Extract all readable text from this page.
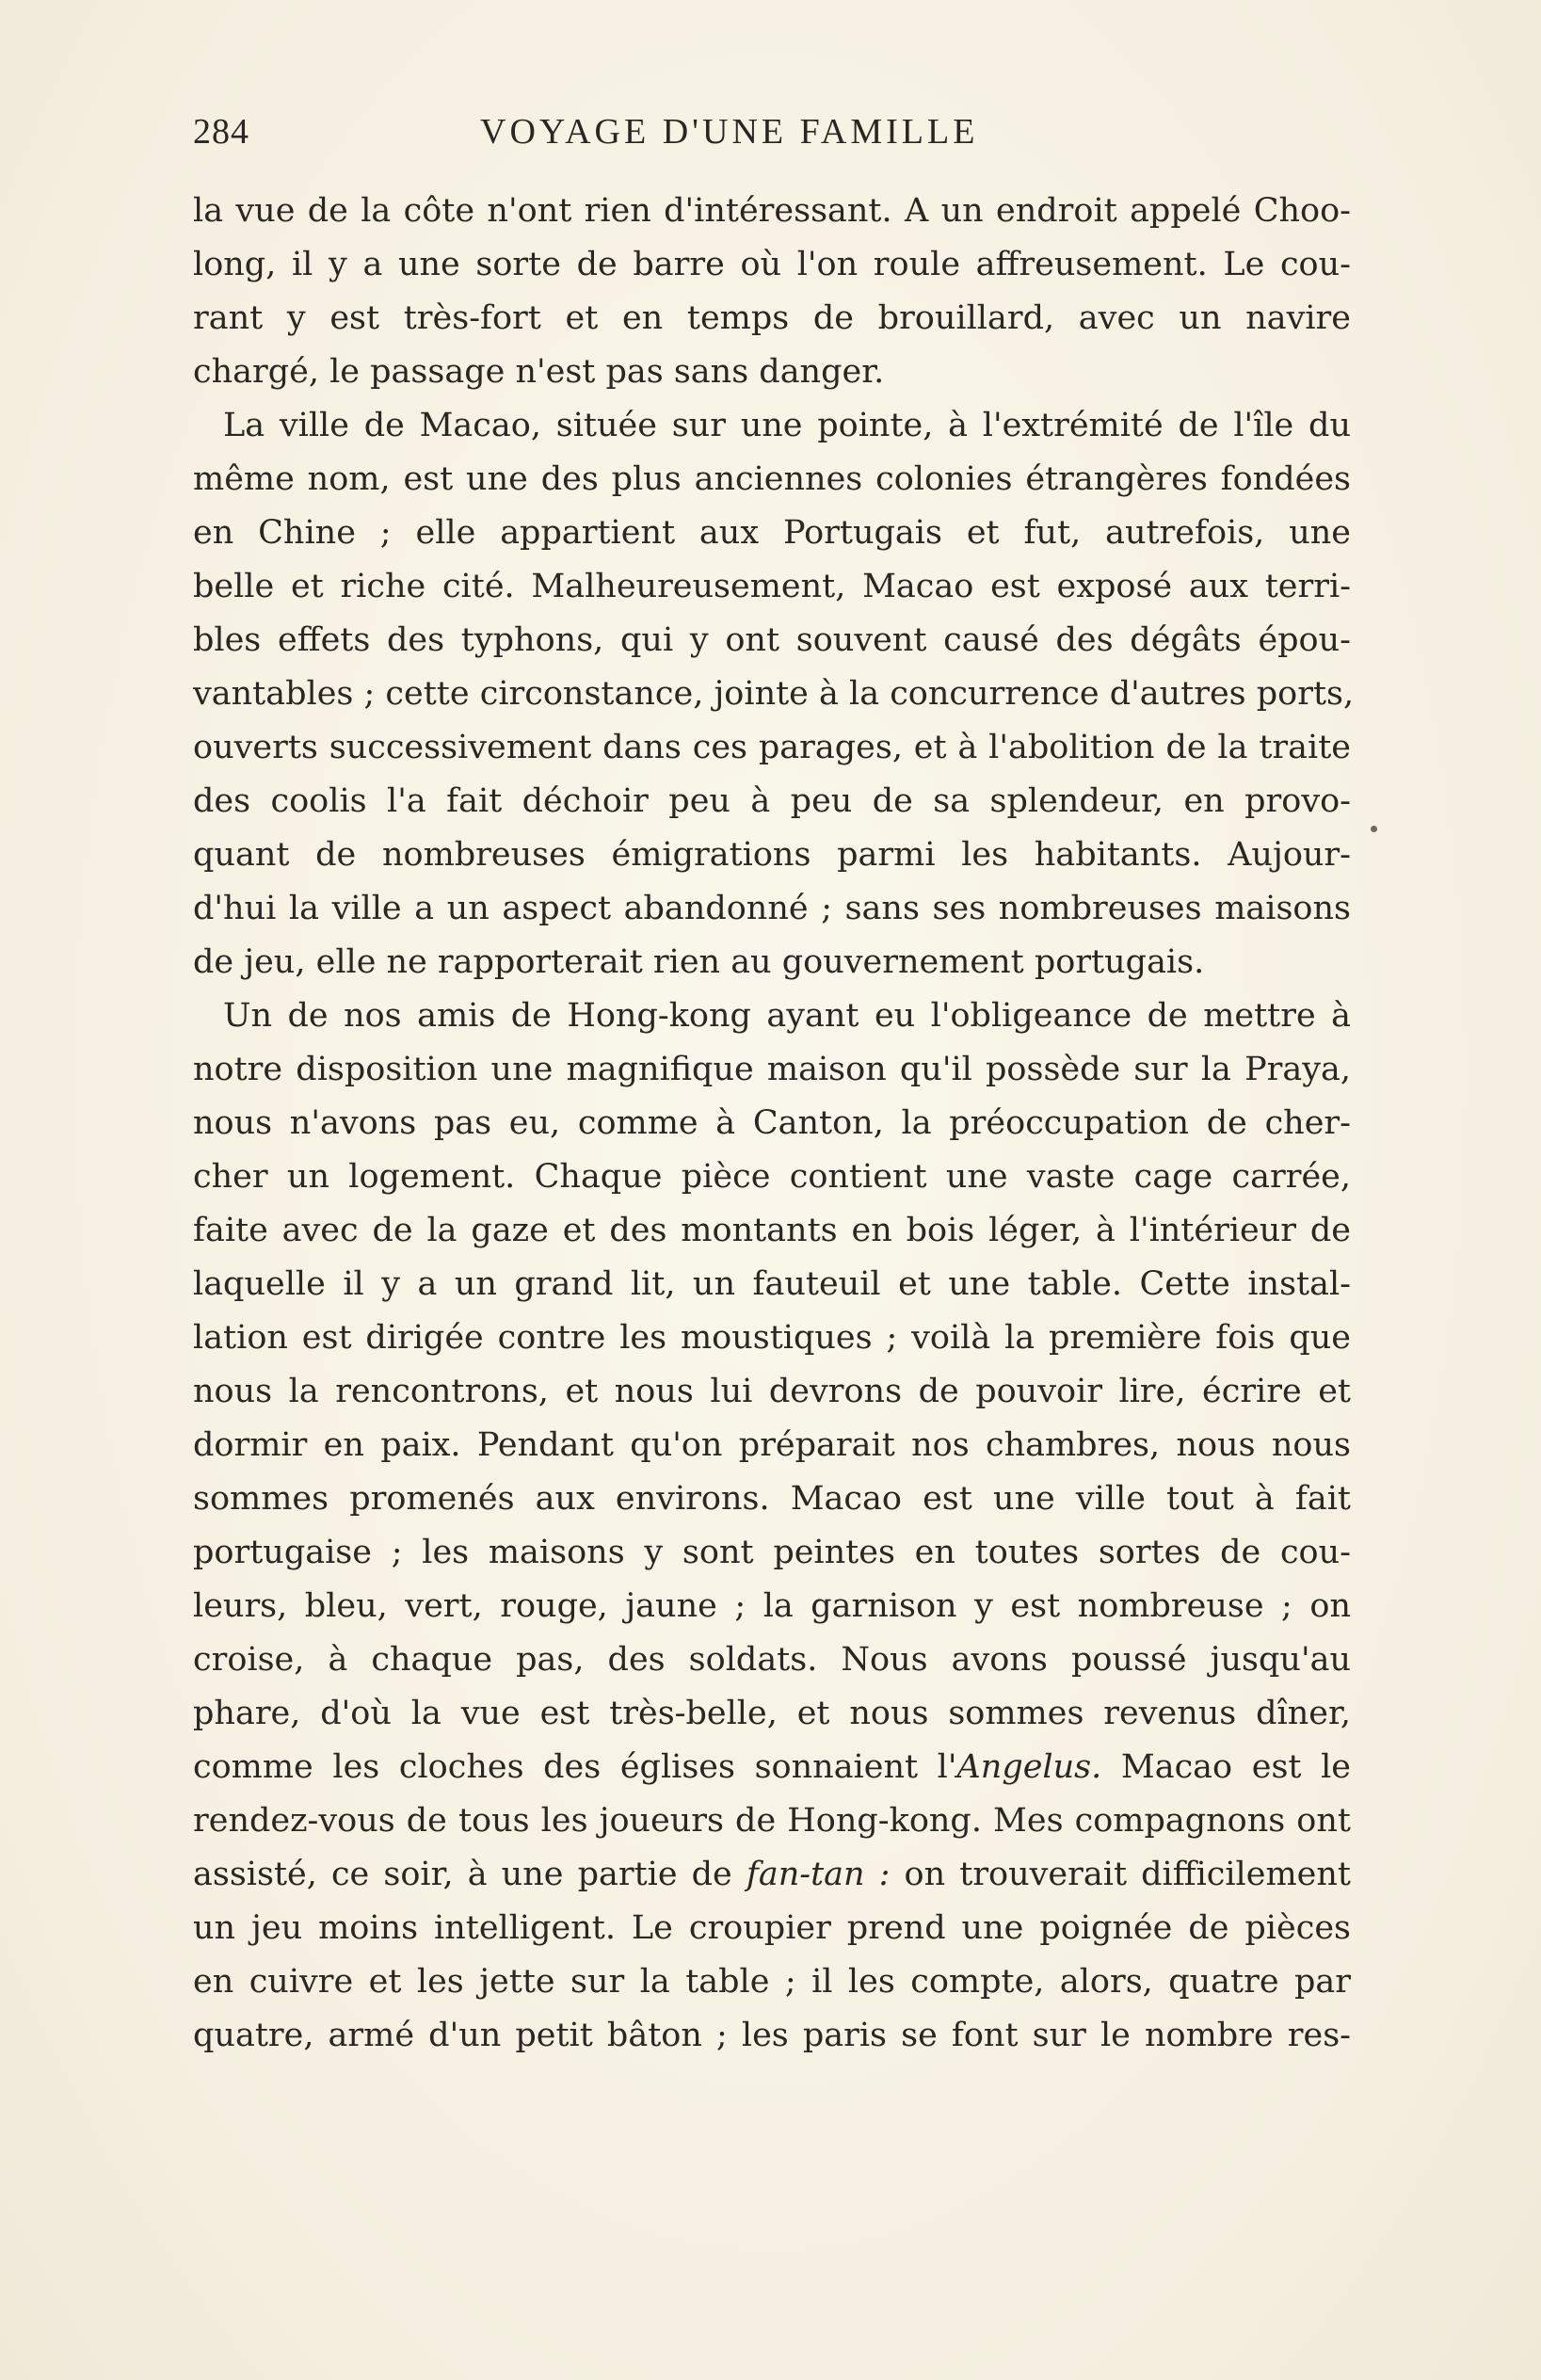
284	VOYAGE D'UNE FAMILLE
la vue de la côte n'ont rien d'intéressant. A un endroit appelé Choo-
long, il y a une sorte de barre où l'on roule affreusement. Le cou-
rant y est très-fort et en temps de brouillard, avec un navire
chargé, le passage n'est pas sans danger.
La ville de Macao, située sur une pointe, à l'extrémité de l'île du
même nom, est une des plus anciennes colonies étrangères fondées
en Chine ; elle appartient aux Portugais et fut, autrefois, une
belle et riche cité. Malheureusement, Macao est exposé aux terri-
bles effets des typhons, qui y ont souvent causé des dégâts épou-
vantables ; cette circonstance, jointe à la concurrence d'autres ports,
ouverts successivement dans ces parages, et à l'abolition de la traite
des coolis l'a fait déchoir peu à peu de sa splendeur, en provo-
quant de nombreuses émigrations parmi les habitants. Aujour-
d'hui la ville a un aspect abandonné ; sans ses nombreuses maisons
de jeu, elle ne rapporterait rien au gouvernement portugais.
Un de nos amis de Hong-kong ayant eu l'obligeance de mettre à
notre disposition une magnifique maison qu'il possède sur la Praya,
nous n'avons pas eu, comme à Canton, la préoccupation de cher-
cher un logement. Chaque pièce contient une vaste cage carrée,
faite avec de la gaze et des montants en bois léger, à l'intérieur de
laquelle il y a un grand lit, un fauteuil et une table. Cette instal-
lation est dirigée contre les moustiques ; voilà la première fois que
nous la rencontrons, et nous lui devrons de pouvoir lire, écrire et
dormir en paix. Pendant qu'on préparait nos chambres, nous nous
sommes promenés aux environs. Macao est une ville tout à fait
portugaise ; les maisons y sont peintes en toutes sortes de cou-
leurs, bleu, vert, rouge, jaune ; la garnison y est nombreuse ; on
croise, à chaque pas, des soldats. Nous avons poussé jusqu'au
phare, d'où la vue est très-belle, et nous sommes revenus dîner,
comme les cloches des églises sonnaient l'Angelus. Macao est le
rendez-vous de tous les joueurs de Hong-kong. Mes compagnons ont
assisté, ce soir, à une partie de fan-tan : on trouverait difficilement
un jeu moins intelligent. Le croupier prend une poignée de pièces
en cuivre et les jette sur la table ; il les compte, alors, quatre par
quatre, armé d'un petit bâton ; les paris se font sur le nombre res-
